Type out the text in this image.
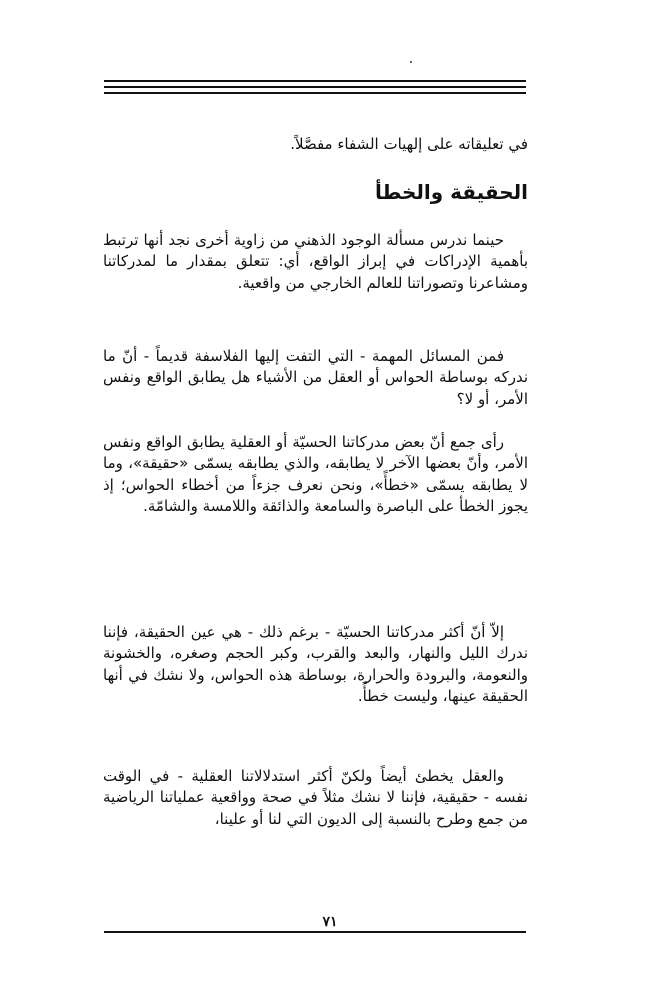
في تعليقاته على إلهيات الشفاء مفصَّلاً.
الحقيقة والخطأ
حينما ندرس مسألة الوجود الذهني من زاوية أخرى نجد أنها ترتبط بأهمية الإدراكات في إبراز الواقع، أي: تتعلق بمقدار ما لمدركاتنا ومشاعرنا وتصوراتنا للعالم الخارجي من واقعية.
فمن المسائل المهمة - التي التفت إليها الفلاسفة قديماً - أنّ ما ندركه بوساطة الحواس أو العقل من الأشياء هل يطابق الواقع ونفس الأمر، أو لا؟
رأى جمع أنّ بعض مدركاتنا الحسيّة أو العقلية يطابق الواقع ونفس الأمر، وأنّ بعضها الآخر لا يطابقه، والذي يطابقه يسمّى «حقيقة»، وما لا يطابقه يسمّى «خطأً»، ونحن نعرف جزءاً من أخطاء الحواس؛ إذ يجوز الخطأ على الباصرة والسامعة والذائقة واللامسة والشامّة.
إلاّ أنّ أكثر مدركاتنا الحسيّة - برغم ذلك - هي عين الحقيقة، فإننا ندرك الليل والنهار، والبعد والقرب، وكبر الحجم وصغره، والخشونة والنعومة، والبرودة والحرارة، بوساطة هذه الحواس، ولا نشك في أنها الحقيقة عينها، وليست خطأً.
والعقل يخطئ أيضاً ولكنّ أكثر استدلالاتنا العقلية - في الوقت نفسه - حقيقية، فإننا لا نشك مثلاً في صحة وواقعية عملياتنا الرياضية من جمع وطرح بالنسبة إلى الديون التي لنا أو علينا،
٧١
